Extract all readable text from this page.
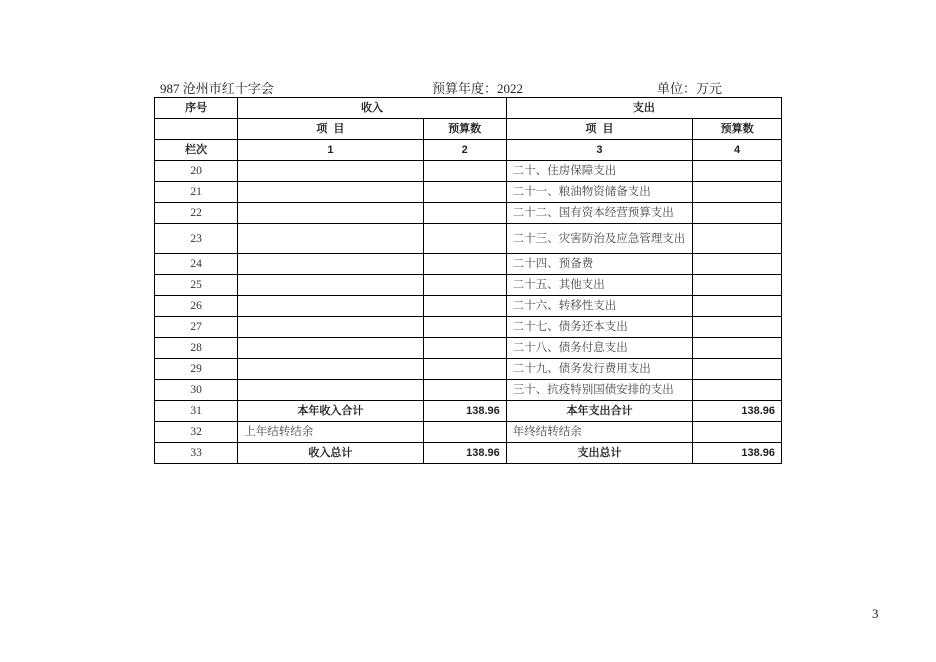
987 沧州市红十字会	预算年度：2022	单位：万元
序号	收入		支出	
	项  目	预算数	项  目	预算数
栏次	1	2	3	4
20			二十、住房保障支出	
21			二十一、粮油物资储备支出	
22			二十二、国有资本经营预算支出	
23			二十三、灾害防治及应急管理支出	
24			二十四、预备费	
25			二十五、其他支出	
26			二十六、转移性支出	
27			二十七、债务还本支出	
28			二十八、债务付息支出	
29			二十九、债务发行费用支出	
30			三十、抗疫特别国债安排的支出	
31	本年收入合计	138.96	本年支出合计	138.96
32	上年结转结余		年终结转结余	
33	收入总计	138.96	支出总计	138.96
3
